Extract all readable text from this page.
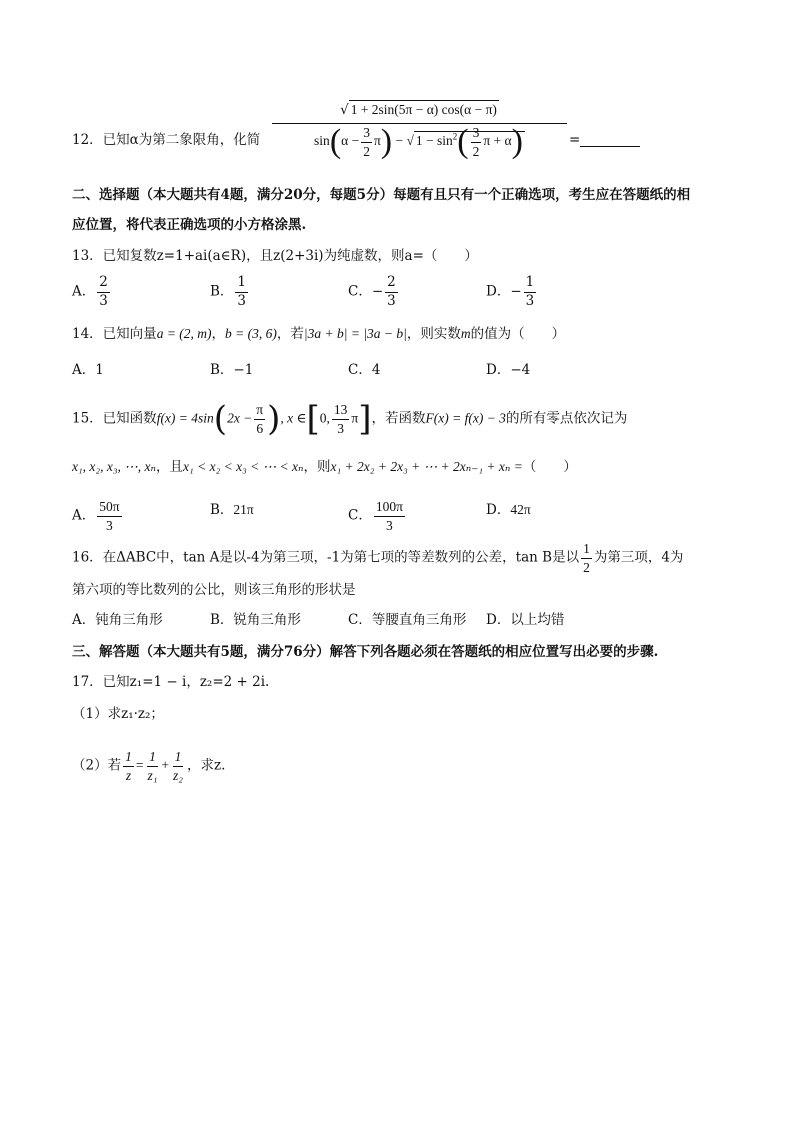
12．已知α为第二象限角，化简
√ 1 + 2sin(5π − α) cos(α − π)
$\sin(\alpha - \frac{3}{2} \pi)$ − √ $1 - \sin^2( \frac{3}{2}$ π + α)	=
二、选择题（本大题共有4题，满分20分，每题5分）每题有且只有一个正确选项，考生应在答题纸的相
应位置，将代表正确选项的小方格涂黑.
13．已知复数z=1+ai(a∈R)，且z(2+3i)为纯虚数，则a=（　　）
A． $\frac{2}{3}$	B． $\frac{1}{3}$	C．− $\frac{2}{3}$	D．− $\frac{1}{3}$
14．已知向量a = (2, m)，b = (3, 6)，若|3a + b| = |3a − b|，则实数m的值为（　　）
A．1	B．−1	C．4	D．−4
15．已知函数$f(x) = 4\sin(2x - \frac{\pi}{6}$ ), x ∈[0, $\frac{13}{3} \pi$]，若函数F(x) = f(x) − 3的所有零点依次记为
x₁, x₂, x₃, ⋯, xₙ，且x₁ < x₂ < x₃ < ⋯ < xₙ，则x₁ + 2x₂ + 2x₃ + ⋯ + 2xₙ₋₁ + xₙ =（　　）
A． $\frac{50\pi}{3}$	B．21π	C． $\frac{100\pi}{3}$	D．42π
16．在ΔABC中，tan A是以-4为第三项，-1为第七项的等差数列的公差，tan B是以 $\frac{1}{2}$ 为第三项，4为
第六项的等比数列的公比，则该三角形的形状是
A．钝角三角形	B．锐角三角形	C．等腰直角三角形 D．以上均错
三、解答题（本大题共有5题，满分76分）解答下列各题必须在答题纸的相应位置写出必要的步骤.
17．已知z₁=1 − i，z₂=2 + 2i.
（1）求z₁·z₂；
（2）若 $\frac{1}{z} = \frac{1}{\text{z₁}} + \frac{1}{\text{z₂}}$ ，求z.
